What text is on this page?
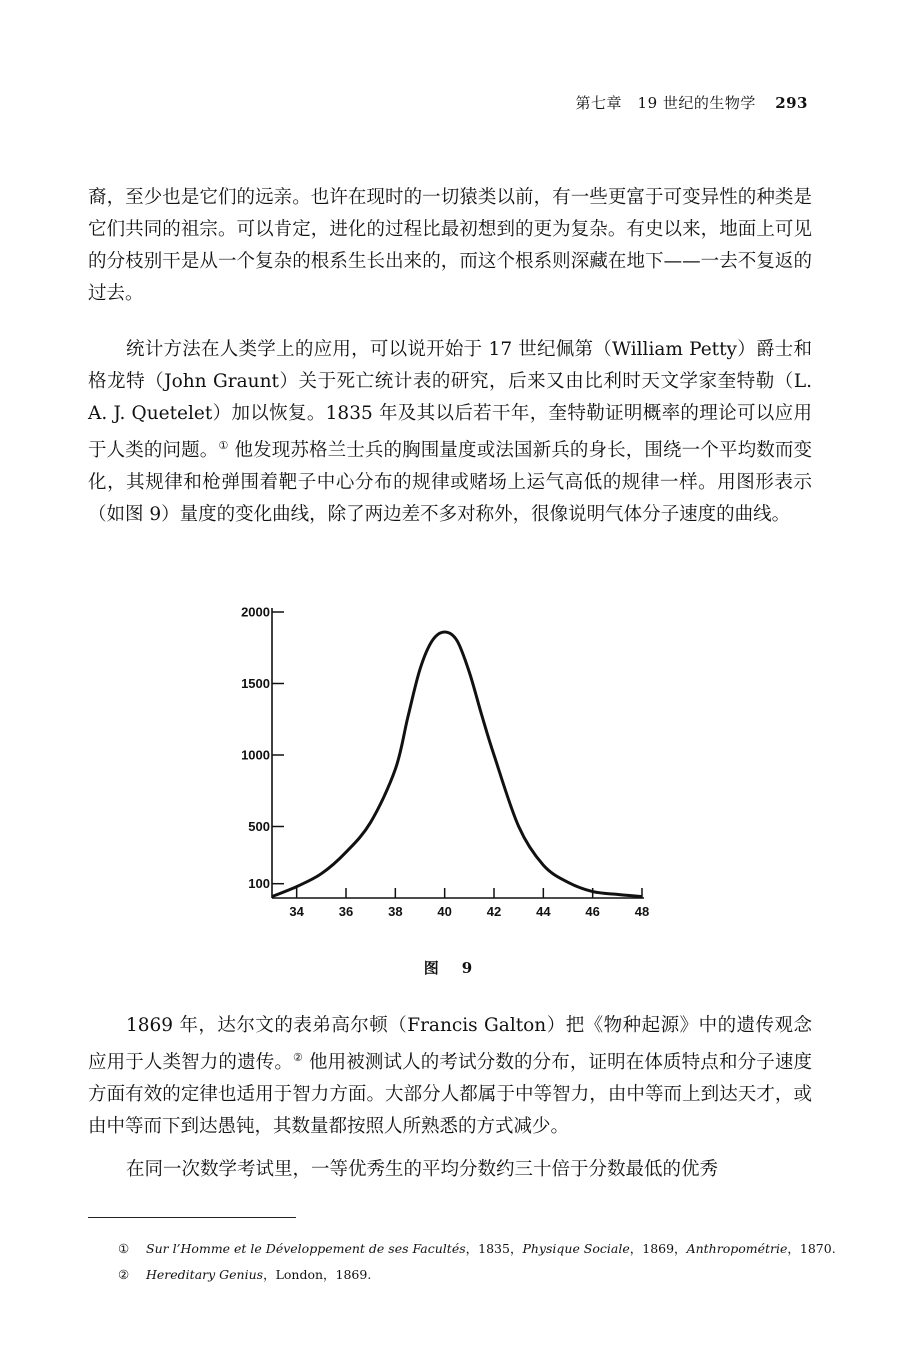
第七章　19 世纪的生物学 293

裔，至少也是它们的远亲。也许在现时的一切猿类以前，有一些更富于可变异性的种类是它们共同的祖宗。可以肯定，进化的过程比最初想到的更为复杂。有史以来，地面上可见的分枝别干是从一个复杂的根系生长出来的，而这个根系则深藏在地下——一去不复返的过去。

统计方法在人类学上的应用，可以说开始于 17 世纪佩第（William Petty）爵士和格龙特（John Graunt）关于死亡统计表的研究，后来又由比利时天文学家奎特勒（L. A. J. Quetelet）加以恢复。1835 年及其以后若干年，奎特勒证明概率的理论可以应用于人类的问题。① 他发现苏格兰士兵的胸围量度或法国新兵的身长，围绕一个平均数而变化，其规律和枪弹围着靶子中心分布的规律或赌场上运气高低的规律一样。用图形表示（如图 9）量度的变化曲线，除了两边差不多对称外，很像说明气体分子速度的曲线。

100
500
1000
1500
2000
34	36	38	40	42	44	46	48
图　9

1869 年，达尔文的表弟高尔顿（Francis Galton）把《物种起源》中的遗传观念应用于人类智力的遗传。② 他用被测试人的考试分数的分布，证明在体质特点和分子速度方面有效的定律也适用于智力方面。大部分人都属于中等智力，由中等而上到达天才，或由中等而下到达愚钝，其数量都按照人所熟悉的方式减少。

在同一次数学考试里，一等优秀生的平均分数约三十倍于分数最低的优秀

① Sur l’Homme et le Développement de ses Facultés，1835，Physique Sociale，1869，Anthropométrie，1870.
② Hereditary Genius，London，1869.
